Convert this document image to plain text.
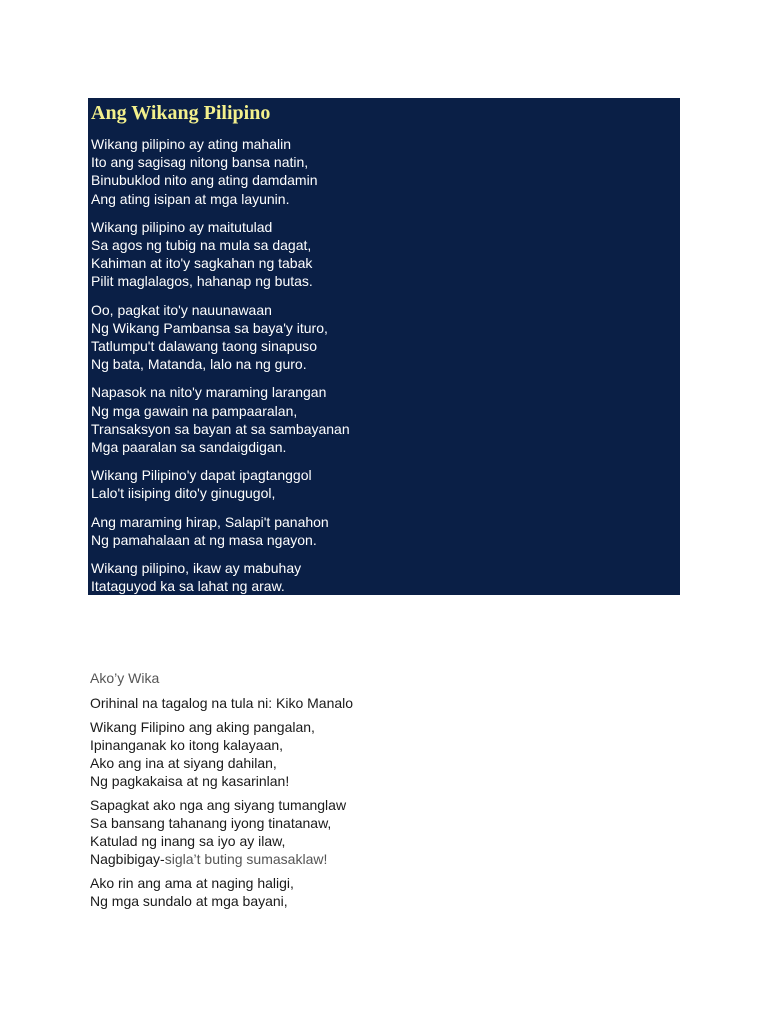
Ang Wikang Pilipino
Wikang pilipino ay ating mahalin
Ito ang sagisag nitong bansa natin,
Binubuklod nito ang ating damdamin
Ang ating isipan at mga layunin.
Wikang pilipino ay maitutulad
Sa agos ng tubig na mula sa dagat,
Kahiman at ito'y sagkahan ng tabak
Pilit maglalagos, hahanap ng butas.
Oo, pagkat ito'y nauunawaan
Ng Wikang Pambansa sa baya'y ituro,
Tatlumpu't dalawang taong sinapuso
Ng bata, Matanda, lalo na ng guro.
Napasok na nito'y maraming larangan
Ng mga gawain na pampaaralan,
Transaksyon sa bayan at sa sambayanan
Mga paaralan sa sandaigdigan.
Wikang Pilipino'y dapat ipagtanggol
Lalo't iisiping dito'y ginugugol,
Ang maraming hirap, Salapi't panahon
Ng pamahalaan at ng masa ngayon.
Wikang pilipino, ikaw ay mabuhay
Itataguyod ka sa lahat ng araw.
Ako’y Wika
Orihinal na tagalog na tula ni: Kiko Manalo
Wikang Filipino ang aking pangalan,
Ipinanganak ko itong kalayaan,
Ako ang ina at siyang dahilan,
Ng pagkakaisa at ng kasarinlan!
Sapagkat ako nga ang siyang tumanglaw
Sa bansang tahanang iyong tinatanaw,
Katulad ng inang sa iyo ay ilaw,
Nagbibigay-sigla’t buting sumasaklaw!
Ako rin ang ama at naging haligi,
Ng mga sundalo at mga bayani,
